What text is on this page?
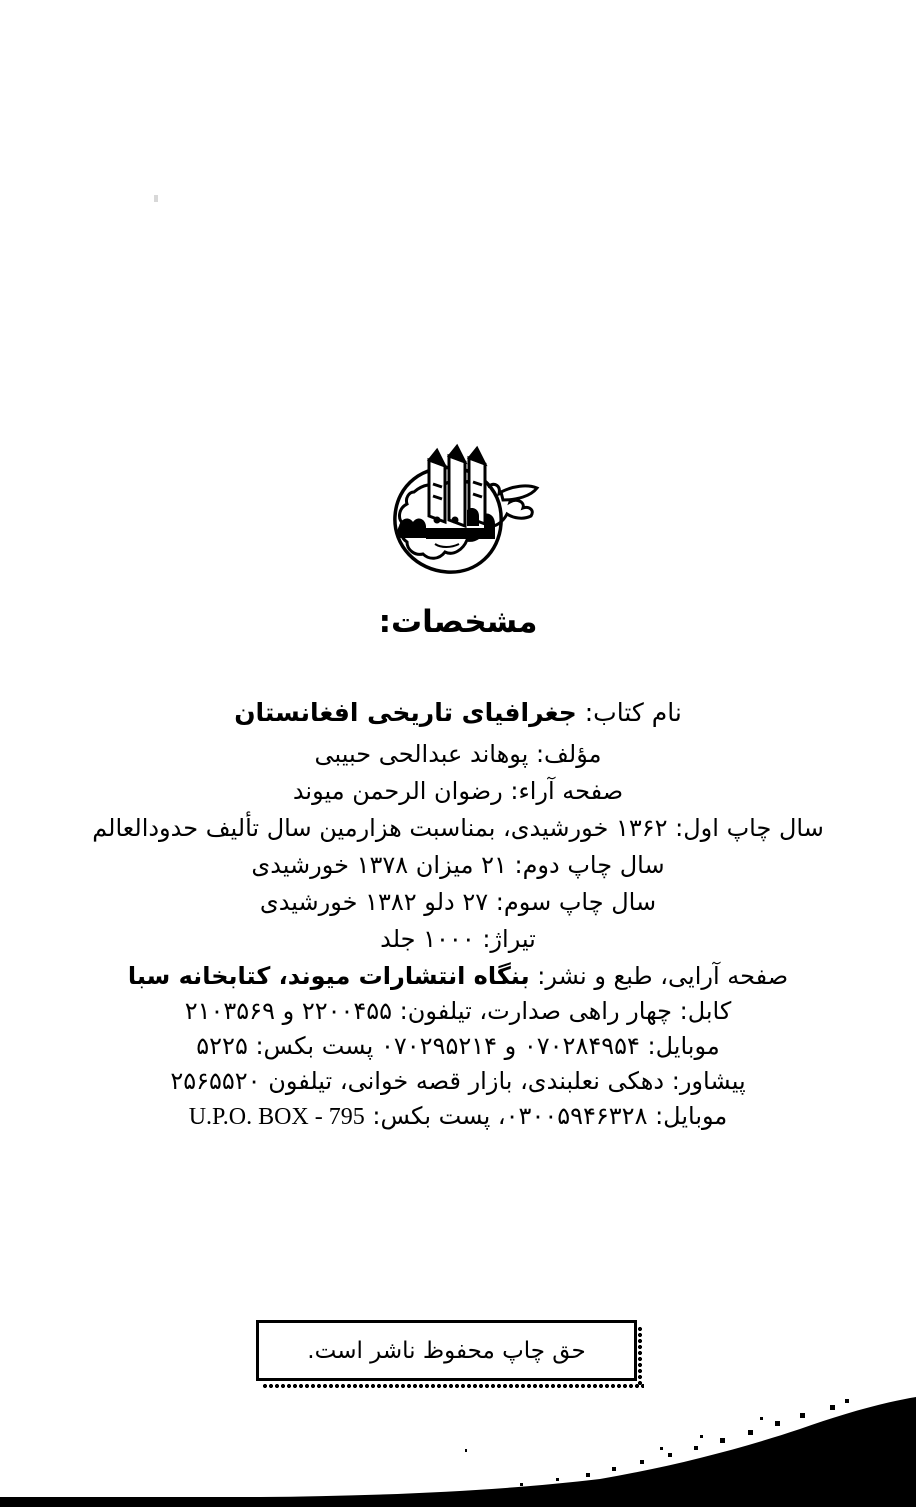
مشخصات:
نام کتاب: جغرافیای تاریخی افغانستان
مؤلف: پوهاند عبدالحی حبیبی
صفحه آراء: رضوان الرحمن میوند
سال چاپ اول: ۱۳۶۲ خورشیدی، بمناسبت هزارمین سال تألیف حدودالعالم
سال چاپ دوم: ۲۱ میزان ۱۳۷۸ خورشیدی
سال چاپ سوم: ۲۷ دلو ۱۳۸۲ خورشیدی
تیراژ: ۱۰۰۰ جلد
صفحه آرایی، طبع و نشر: بنگاه انتشارات میوند، کتابخانه سبا
کابل: چهار راهی صدارت، تیلفون: ۲۲۰۰۴۵۵ و ۲۱۰۳۵۶۹
موبایل: ۰۷۰۲۸۴۹۵۴ و ۰۷۰۲۹۵۲۱۴ پست بکس: ۵۲۲۵
پیشاور: دهکی نعلبندی، بازار قصه خوانی، تیلفون ۲۵۶۵۵۲۰
موبایل: ۰۳۰۰۵۹۴۶۳۲۸، پست بکس: U.P.O. BOX - 795
حق چاپ محفوظ ناشر است.
